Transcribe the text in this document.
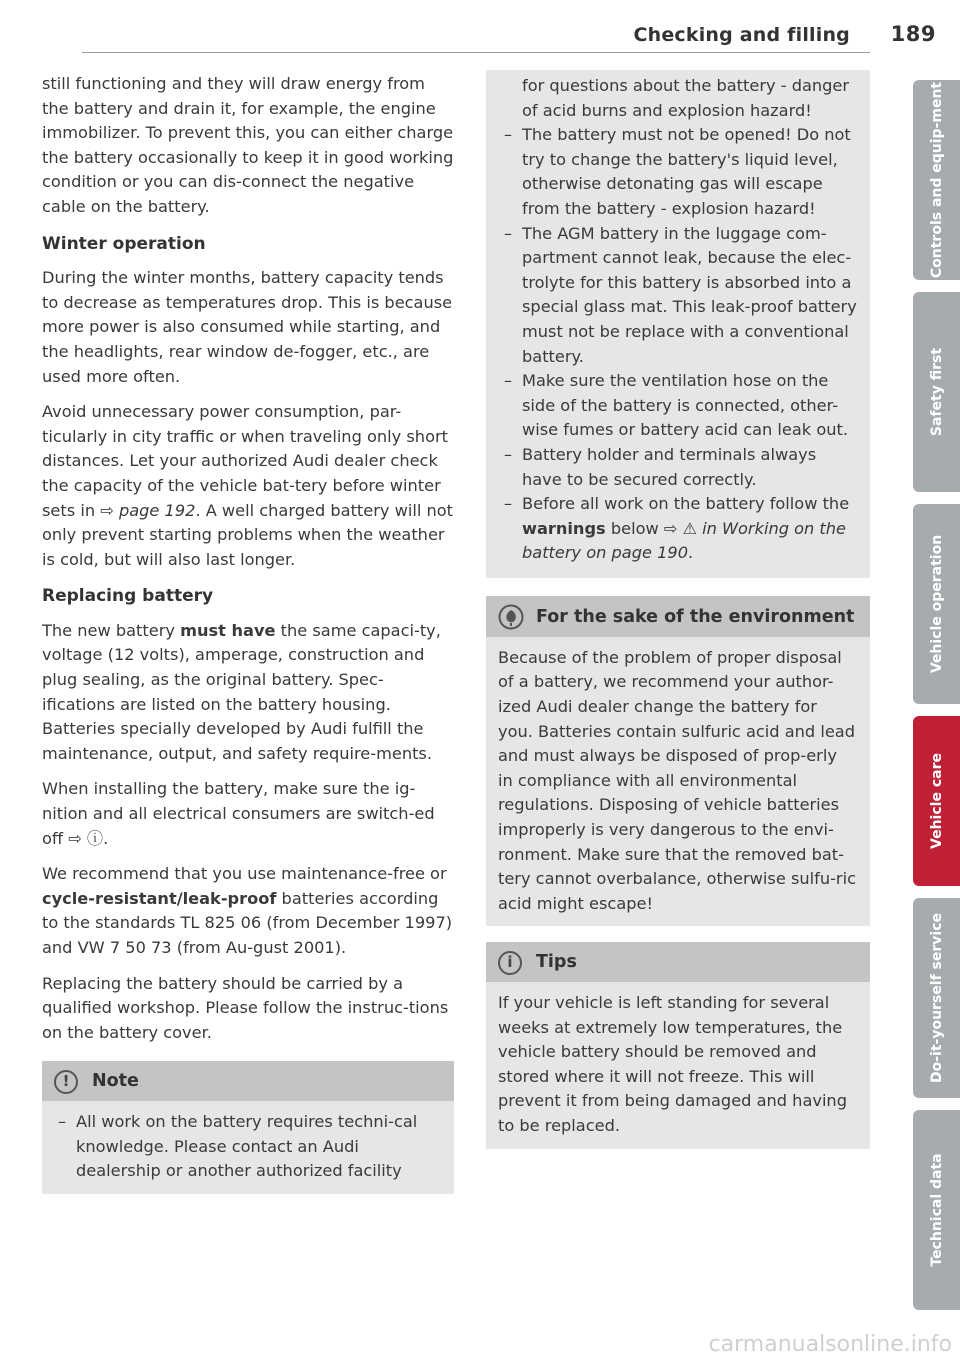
Checking and filling 189

still functioning and they will draw energy from the battery and drain it, for example, the engine immobilizer. To prevent this, you can either charge the battery occasionally to keep it in good working condition or you can dis-connect the negative cable on the battery.

Winter operation

During the winter months, battery capacity tends to decrease as temperatures drop. This is because more power is also consumed while starting, and the headlights, rear window de-fogger, etc., are used more often.

Avoid unnecessary power consumption, par-ticularly in city traffic or when traveling only short distances. Let your authorized Audi dealer check the capacity of the vehicle bat-tery before winter sets in ⇨ page 192. A well charged battery will not only prevent starting problems when the weather is cold, but will also last longer.

Replacing battery

The new battery must have the same capaci-ty, voltage (12 volts), amperage, construction and plug sealing, as the original battery. Spec-ifications are listed on the battery housing. Batteries specially developed by Audi fulfill the maintenance, output, and safety require-ments.

When installing the battery, make sure the ig-nition and all electrical consumers are switch-ed off ⇨ ⓘ.

We recommend that you use maintenance-free or cycle-resistant/leak-proof batteries according to the standards TL 825 06 (from December 1997) and VW 7 50 73 (from Au-gust 2001).

Replacing the battery should be carried by a qualified workshop. Please follow the instruc-tions on the battery cover.

!	Note
– All work on the battery requires techni-cal knowledge. Please contact an Audi dealership or another authorized facility

for questions about the battery - danger of acid burns and explosion hazard!

– The battery must not be opened! Do not try to change the battery's liquid level, otherwise detonating gas will escape from the battery - explosion hazard!
– The AGM battery in the luggage com-partment cannot leak, because the elec-trolyte for this battery is absorbed into a special glass mat. This leak-proof battery must not be replace with a conventional battery.
– Make sure the ventilation hose on the side of the battery is connected, other-wise fumes or battery acid can leak out.
– Battery holder and terminals always have to be secured correctly.
– Before all work on the battery follow the warnings below ⇨ ⚠ in Working on the battery on page 190.
For the sake of the environment
Because of the problem of proper disposal of a battery, we recommend your author-ized Audi dealer change the battery for you. Batteries contain sulfuric acid and lead and must always be disposed of prop-erly in compliance with all environmental regulations. Disposing of vehicle batteries improperly is very dangerous to the envi-ronment. Make sure that the removed bat-tery cannot overbalance, otherwise sulfu-ric acid might escape!
i	Tips
If your vehicle is left standing for several weeks at extremely low temperatures, the vehicle battery should be removed and stored where it will not freeze. This will prevent it from being damaged and having to be replaced.
Controls and equip-ment
Safety first
Vehicle operation
Vehicle care
Do-it-yourself service
Technical data
carmanualsonline.info
